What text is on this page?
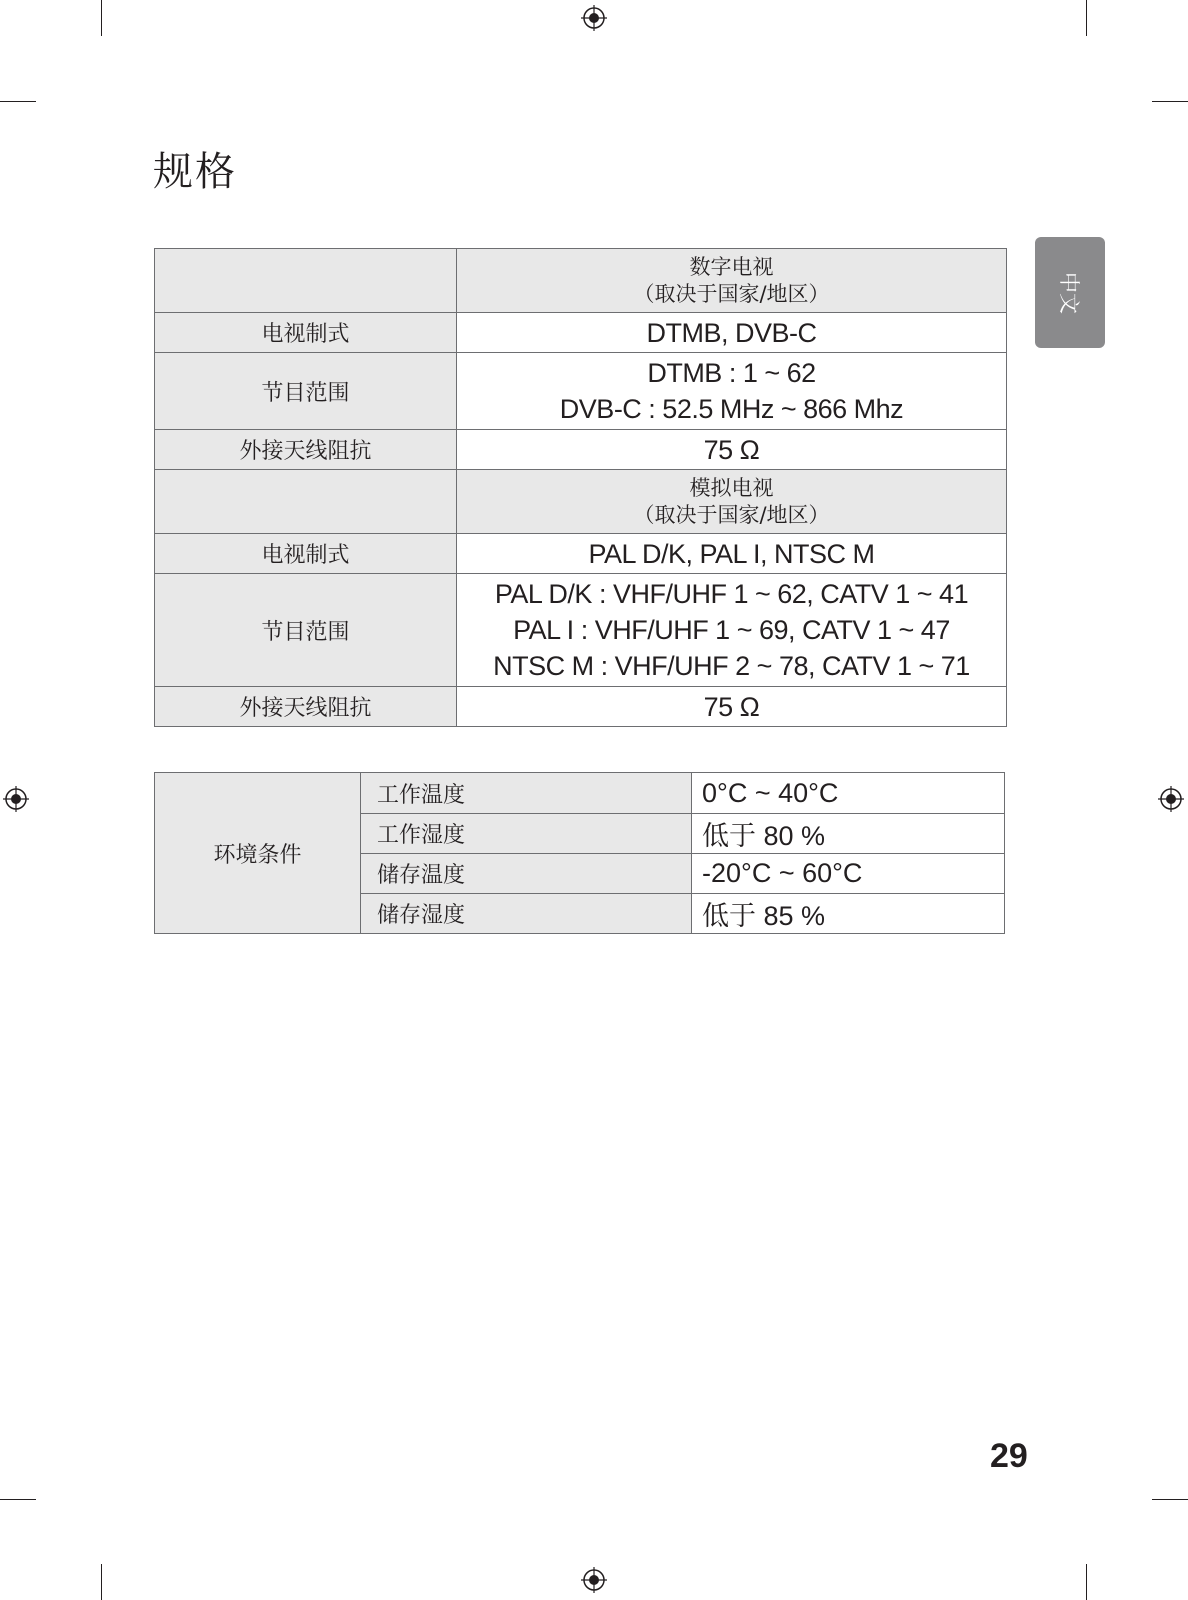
规格
中文

	数字电视
（取决于国家/地区）

电视制式	DTMB, DVB-C

节目范围	DTMB : 1 ~ 62
DVB-C : 52.5 MHz ~ 866 Mhz

外接天线阻抗	75 Ω

	模拟电视
（取决于国家/地区）

电视制式	PAL D/K, PAL I, NTSC M

节目范围	PAL D/K : VHF/UHF 1 ~ 62, CATV 1 ~ 41
PAL I : VHF/UHF 1 ~ 69, CATV 1 ~ 47
NTSC M : VHF/UHF 2 ~ 78, CATV 1 ~ 71

外接天线阻抗	75 Ω
环境条件	工作温度	0°C ~ 40°C
	工作湿度	低于 80 %
	储存温度	-20°C ~ 60°C
	储存湿度	低于 85 %
29
